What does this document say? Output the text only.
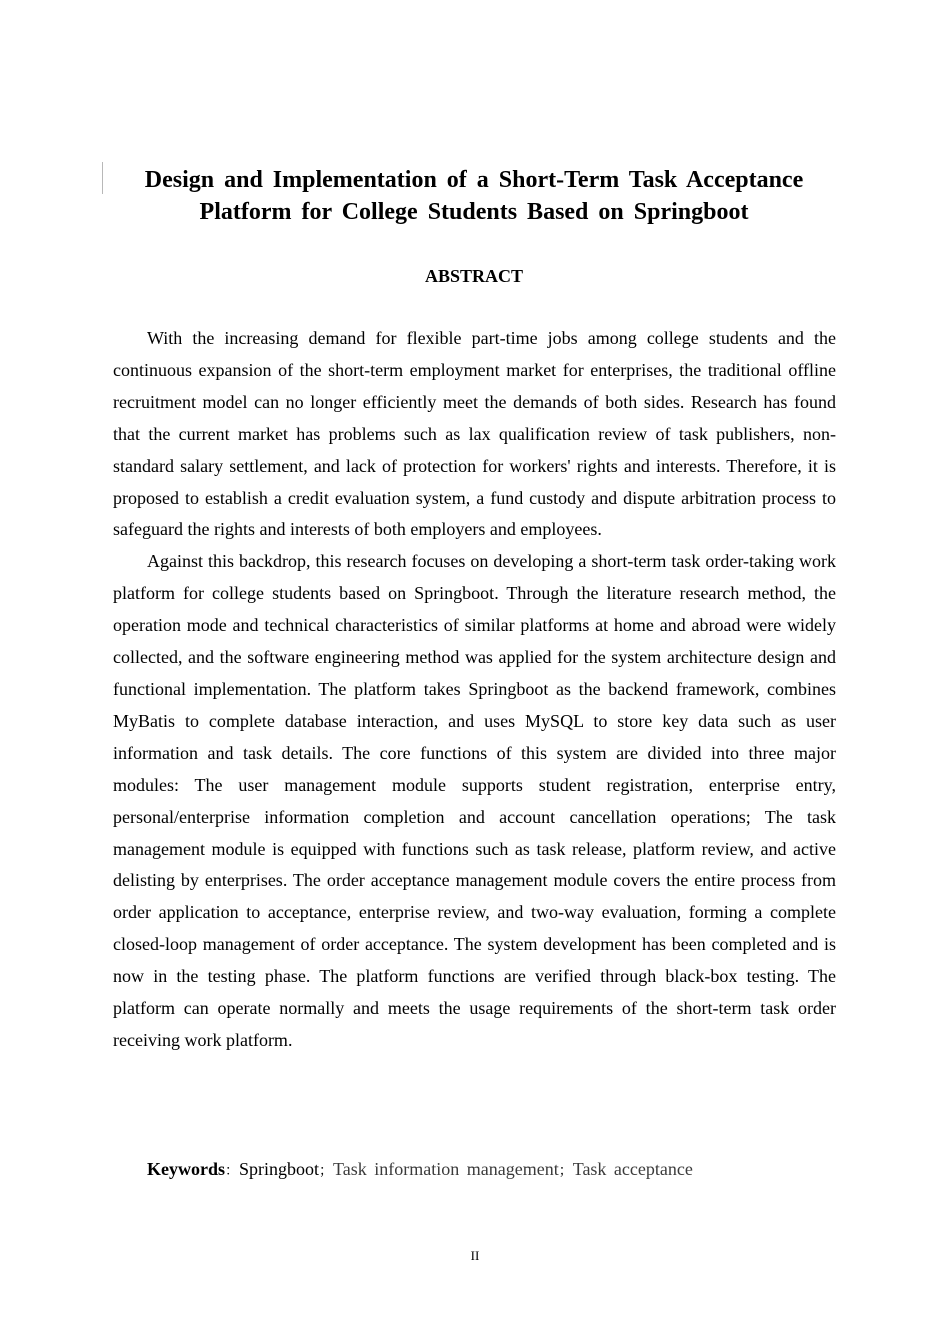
Design and Implementation of a Short-Term Task Acceptance
Platform for College Students Based on Springboot
ABSTRACT

With the increasing demand for flexible part-time jobs among college students and the continuous expansion of the short-term employment market for enterprises, the traditional offline recruitment model can no longer efficiently meet the demands of both sides. Research has found that the current market has problems such as lax qualification review of task publishers, non-standard salary settlement, and lack of protection for workers' rights and interests. Therefore, it is proposed to establish a credit evaluation system, a fund custody and dispute arbitration process to safeguard the rights and interests of both employers and employees.

Against this backdrop, this research focuses on developing a short-term task order-taking work platform for college students based on Springboot. Through the literature research method, the operation mode and technical characteristics of similar platforms at home and abroad were widely collected, and the software engineering method was applied for the system architecture design and functional implementation. The platform takes Springboot as the backend framework, combines MyBatis to complete database interaction, and uses MySQL to store key data such as user information and task details. The core functions of this system are divided into three major modules: The user management module supports student registration, enterprise entry, personal/enterprise information completion and account cancellation operations; The task management module is equipped with functions such as task release, platform review, and active delisting by enterprises. The order acceptance management module covers the entire process from order application to acceptance, enterprise review, and two-way evaluation, forming a complete closed-loop management of order acceptance. The system development has been completed and is now in the testing phase. The platform functions are verified through black-box testing. The platform can operate normally and meets the usage requirements of the short-term task order receiving work platform.

Keywords：Springboot；Task information management；Task acceptance
II
